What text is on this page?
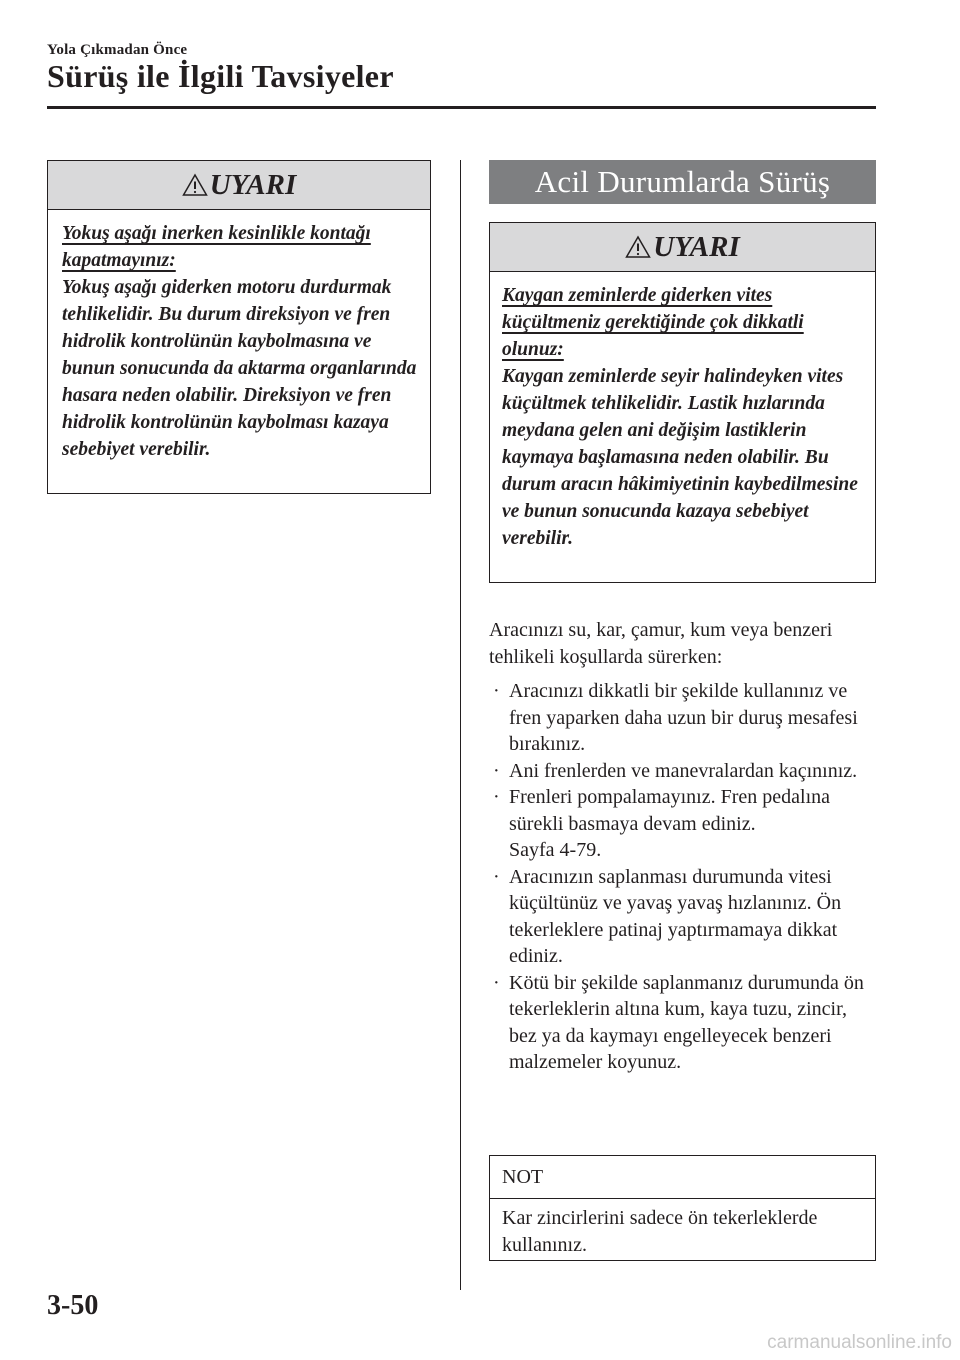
Yola Çıkmadan Önce
Sürüş ile İlgili Tavsiyeler
UYARI
Yokuş aşağı inerken kesinlikle kontağı kapatmayınız:
Yokuş aşağı giderken motoru durdurmak tehlikelidir. Bu durum direksiyon ve fren hidrolik kontrolünün kaybolmasına ve bunun sonucunda da aktarma organlarında hasara neden olabilir. Direksiyon ve fren hidrolik kontrolünün kaybolması kazaya sebebiyet verebilir.
Acil Durumlarda Sürüş
UYARI
Kaygan zeminlerde giderken vites küçültmeniz gerektiğinde çok dikkatli olunuz:
Kaygan zeminlerde seyir halindeyken vites küçültmek tehlikelidir. Lastik hızlarında meydana gelen ani değişim lastiklerin kaymaya başlamasına neden olabilir. Bu durum aracın hâkimiyetinin kaybedilmesine ve bunun sonucunda kazaya sebebiyet verebilir.
Aracınızı su, kar, çamur, kum veya benzeri tehlikeli koşullarda sürerken:
· Aracınızı dikkatli bir şekilde kullanınız ve fren yaparken daha uzun bir duruş mesafesi bırakınız.
· Ani frenlerden ve manevralardan kaçınınız.
· Frenleri pompalamayınız. Fren pedalına sürekli basmaya devam ediniz.
Sayfa 4-79.
· Aracınızın saplanması durumunda vitesi küçültünüz ve yavaş yavaş hızlanınız. Ön tekerleklere patinaj yaptırmamaya dikkat ediniz.
· Kötü bir şekilde saplanmanız durumunda ön tekerleklerin altına kum, kaya tuzu, zincir, bez ya da kaymayı engelleyecek benzeri malzemeler koyunuz.
NOT
Kar zincirlerini sadece ön tekerleklerde kullanınız.
3-50
carmanualsonline.info
